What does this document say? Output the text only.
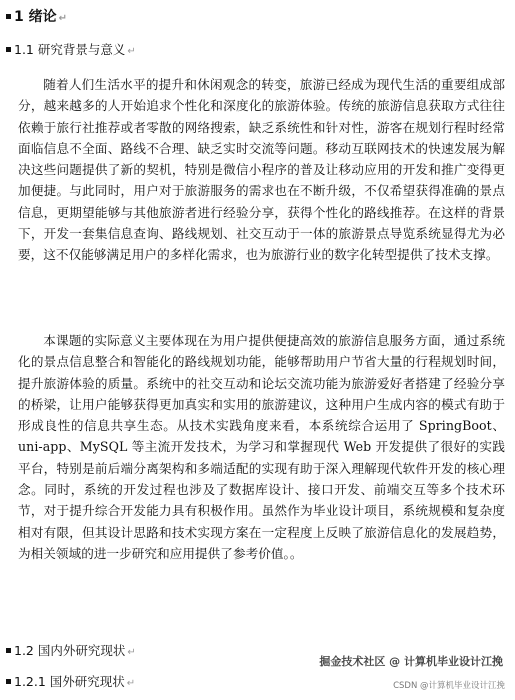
1 绪论 ↵
1.1 研究背景与意义 ↵
随着人们生活水平的提升和休闲观念的转变，旅游已经成为现代生活的重要组成部分，越来越多的人开始追求个性化和深度化的旅游体验。传统的旅游信息获取方式往往依赖于旅行社推荐或者零散的网络搜索，缺乏系统性和针对性，游客在规划行程时经常面临信息不全面、路线不合理、缺乏实时交流等问题。移动互联网技术的快速发展为解决这些问题提供了新的契机，特别是微信小程序的普及让移动应用的开发和推广变得更加便捷。与此同时，用户对于旅游服务的需求也在不断升级，不仅希望获得准确的景点信息，更期望能够与其他旅游者进行经验分享，获得个性化的路线推荐。在这样的背景下，开发一套集信息查询、路线规划、社交互动于一体的旅游景点导览系统显得尤为必要，这不仅能够满足用户的多样化需求，也为旅游行业的数字化转型提供了技术支撑。
本课题的实际意义主要体现在为用户提供便捷高效的旅游信息服务方面，通过系统化的景点信息整合和智能化的路线规划功能，能够帮助用户节省大量的行程规划时间，提升旅游体验的质量。系统中的社交互动和论坛交流功能为旅游爱好者搭建了经验分享的桥梁，让用户能够获得更加真实和实用的旅游建议，这种用户生成内容的模式有助于形成良性的信息共享生态。从技术实践角度来看，本系统综合运用了 SpringBoot、uni-app、MySQL 等主流开发技术，为学习和掌握现代 Web 开发提供了很好的实践平台，特别是前后端分离架构和多端适配的实现有助于深入理解现代软件开发的核心理念。同时，系统的开发过程也涉及了数据库设计、接口开发、前端交互等多个技术环节，对于提升综合开发能力具有积极作用。虽然作为毕业设计项目，系统规模和复杂度相对有限，但其设计思路和技术实现方案在一定程度上反映了旅游信息化的发展趋势，为相关领域的进一步研究和应用提供了参考价值。。
1.2 国内外研究现状 ↵
1.2.1 国外研究现状 ↵
掘金技术社区 @ 计算机毕业设计江挽
CSDN @计算机毕业设计江挽
